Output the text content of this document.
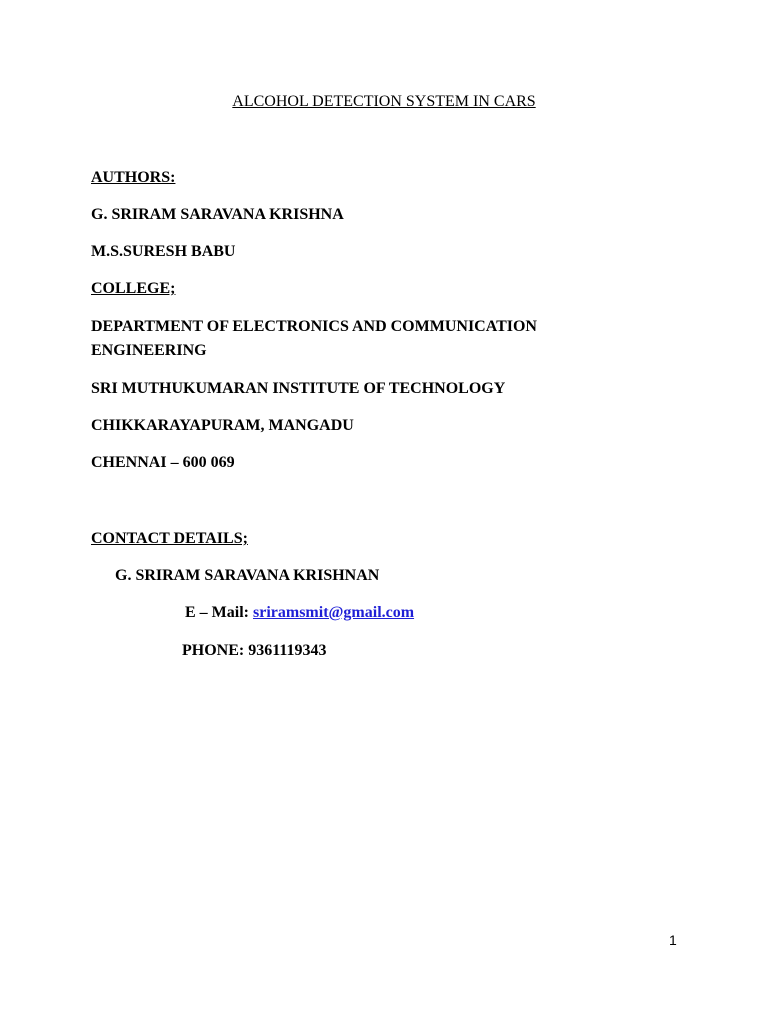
ALCOHOL DETECTION SYSTEM IN CARS
AUTHORS:
G. SRIRAM SARAVANA KRISHNA
M.S.SURESH BABU
COLLEGE;
DEPARTMENT OF ELECTRONICS AND COMMUNICATION
ENGINEERING
SRI MUTHUKUMARAN INSTITUTE OF TECHNOLOGY
CHIKKARAYAPURAM, MANGADU
CHENNAI – 600 069
CONTACT DETAILS;
G. SRIRAM SARAVANA KRISHNAN
E – Mail: sriramsmit@gmail.com
PHONE: 9361119343
1
